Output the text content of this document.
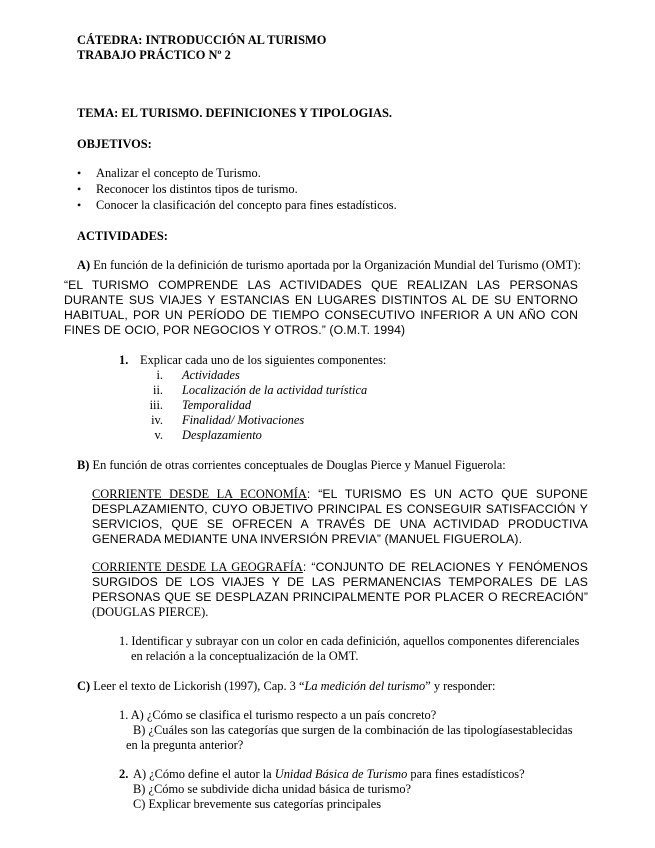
CÁTEDRA: INTRODUCCIÓN AL TURISMO
TRABAJO PRÁCTICO Nº 2
TEMA: EL TURISMO. DEFINICIONES Y TIPOLOGIAS.
OBJETIVOS:
• Analizar el concepto de Turismo.
• Reconocer los distintos tipos de turismo.
• Conocer la clasificación del concepto para fines estadísticos.
ACTIVIDADES:
A) En función de la definición de turismo aportada por la Organización Mundial del Turismo (OMT):
“EL TURISMO COMPRENDE LAS ACTIVIDADES QUE REALIZAN LAS PERSONAS
DURANTE SUS VIAJES Y ESTANCIAS EN LUGARES DISTINTOS AL DE SU ENTORNO
HABITUAL, POR UN PERÍODO DE TIEMPO CONSECUTIVO INFERIOR A UN AÑO CON
FINES DE OCIO, POR NEGOCIOS Y OTROS.” (O.M.T. 1994)
1. Explicar cada uno de los siguientes componentes:
i. Actividades
ii. Localización de la actividad turística
iii. Temporalidad
iv. Finalidad/ Motivaciones
v. Desplazamiento
B) En función de otras corrientes conceptuales de Douglas Pierce y Manuel Figuerola:
CORRIENTE DESDE LA ECONOMÍA: “EL TURISMO ES UN ACTO QUE SUPONE
DESPLAZAMIENTO, CUYO OBJETIVO PRINCIPAL ES CONSEGUIR SATISFACCIÓN Y
SERVICIOS, QUE SE OFRECEN A TRAVÉS DE UNA ACTIVIDAD PRODUCTIVA
GENERADA MEDIANTE UNA INVERSIÓN PREVIA” (MANUEL FIGUEROLA).
CORRIENTE DESDE LA GEOGRAFÍA: “CONJUNTO DE RELACIONES Y FENÓMENOS
SURGIDOS DE LOS VIAJES Y DE LAS PERMANENCIAS TEMPORALES DE LAS
PERSONAS QUE SE DESPLAZAN PRINCIPALMENTE POR PLACER O RECREACIÓN”
(DOUGLAS PIERCE).
1. Identificar y subrayar con un color en cada definición, aquellos componentes diferenciales
en relación a la conceptualización de la OMT.
C) Leer el texto de Lickorish (1997), Cap. 3 “La medición del turismo” y responder:
1. A) ¿Cómo se clasifica el turismo respecto a un país concreto?
B) ¿Cuáles son las categorías que surgen de la combinación de las tipologíasestablecidas
en la pregunta anterior?
2. A) ¿Cómo define el autor la Unidad Básica de Turismo para fines estadísticos?
B) ¿Cómo se subdivide dicha unidad básica de turismo?
C) Explicar brevemente sus categorías principales
